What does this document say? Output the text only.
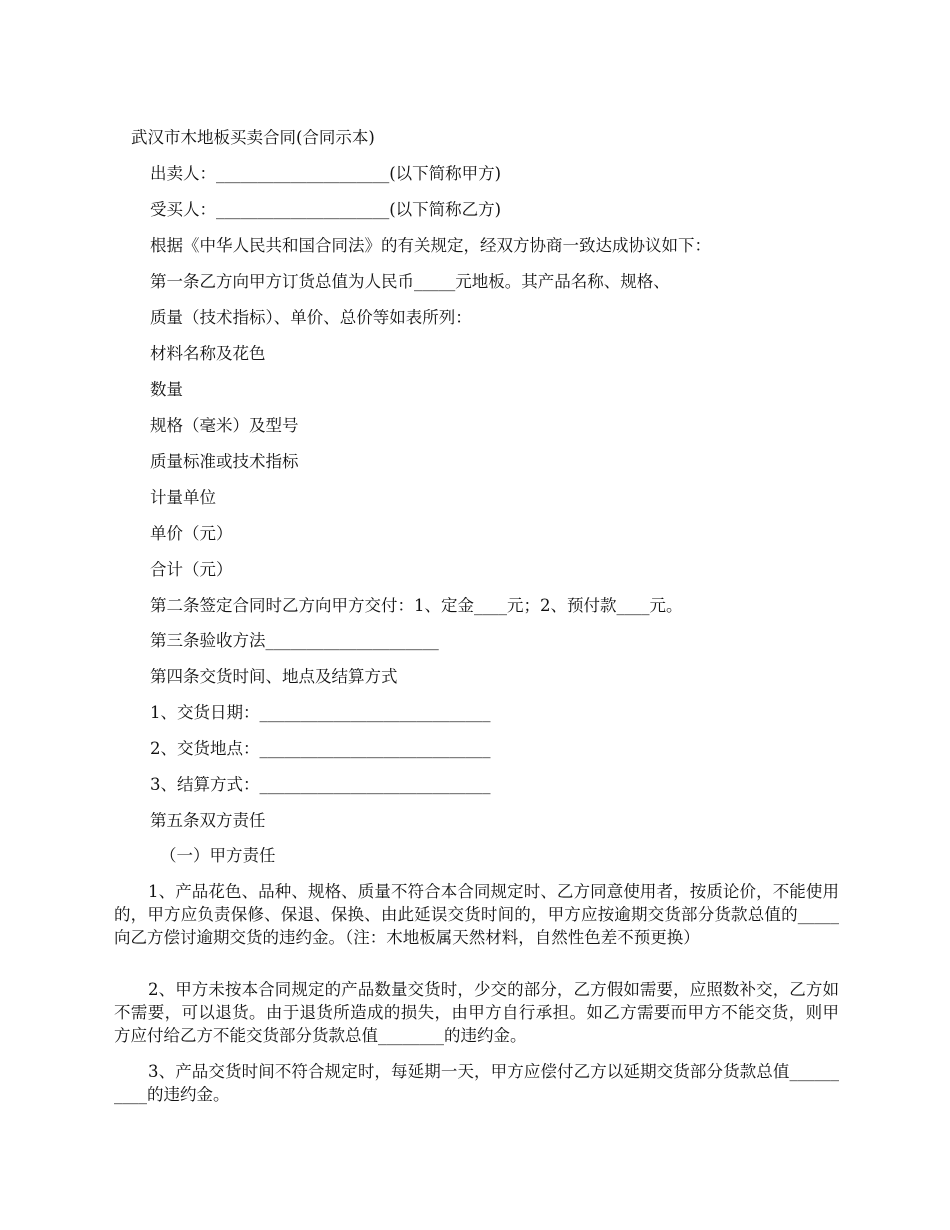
武汉市木地板买卖合同(合同示本)
出卖人：_____________________(以下简称甲方)
受买人：_____________________(以下简称乙方)
根据《中华人民共和国合同法》的有关规定，经双方协商一致达成协议如下：
第一条乙方向甲方订货总值为人民币_____元地板。其产品名称、规格、
质量（技术指标）、单价、总价等如表所列：
材料名称及花色
数量
规格（毫米）及型号
质量标准或技术指标
计量单位
单价（元）
合计（元）
第二条签定合同时乙方向甲方交付：1、定金____元；2、预付款____元。
第三条验收方法_____________________
第四条交货时间、地点及结算方式
1、交货日期：____________________________
2、交货地点：____________________________
3、结算方式：____________________________
第五条双方责任
（一）甲方责任
1、产品花色、品种、规格、质量不符合本合同规定时、乙方同意使用者，按质论价，不能使用的，甲方应负责保修、保退、保换、由此延误交货时间的，甲方应按逾期交货部分货款总值的_____向乙方偿讨逾期交货的违约金。（注：木地板属天然材料，自然性色差不预更换）
2、甲方未按本合同规定的产品数量交货时，少交的部分，乙方假如需要，应照数补交，乙方如不需要，可以退货。由于退货所造成的损失，由甲方自行承担。如乙方需要而甲方不能交货，则甲方应付给乙方不能交货部分货款总值________的违约金。
3、产品交货时间不符合规定时，每延期一天，甲方应偿付乙方以延期交货部分货款总值__________的违约金。
